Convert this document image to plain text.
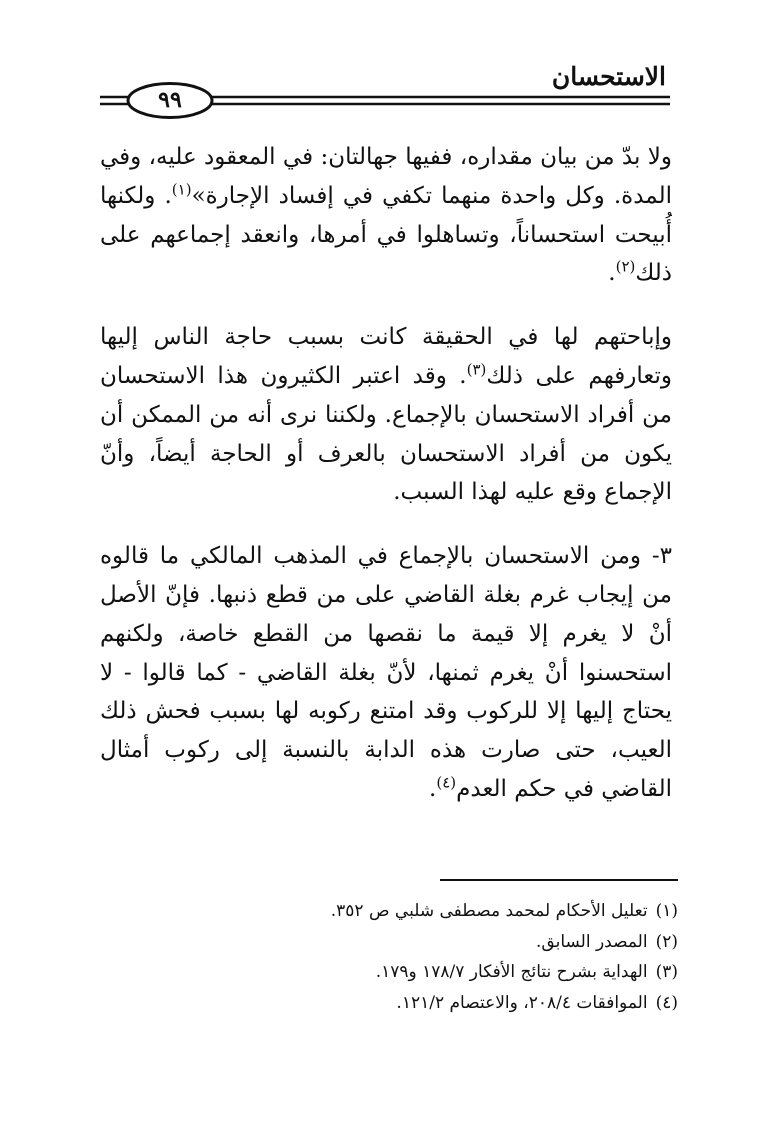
الاستحسان
٩٩

ولا بدّ من بيان مقداره، ففيها جهالتان: في المعقود عليه، وفي المدة. وكل واحدة منهما تكفي في إفساد الإجارة»$^{(١)}$. ولكنها أُبيحت استحساناً، وتساهلوا في أمرها، وانعقد إجماعهم على ذلك$^{(٢)}$.

وإباحتهم لها في الحقيقة كانت بسبب حاجة الناس إليها وتعارفهم على ذلك$^{(٣)}$. وقد اعتبر الكثيرون هذا الاستحسان من أفراد الاستحسان بالإجماع. ولكننا نرى أنه من الممكن أن يكون من أفراد الاستحسان بالعرف أو الحاجة أيضاً، وأنّ الإجماع وقع عليه لهذا السبب.

٣- ومن الاستحسان بالإجماع في المذهب المالكي ما قالوه من إيجاب غرم بغلة القاضي على من قطع ذنبها. فإنّ الأصل أنْ لا يغرم إلا قيمة ما نقصها من القطع خاصة، ولكنهم استحسنوا أنْ يغرم ثمنها، لأنّ بغلة القاضي - كما قالوا - لا يحتاج إليها إلا للركوب وقد امتنع ركوبه لها بسبب فحش ذلك العيب، حتى صارت هذه الدابة بالنسبة إلى ركوب أمثال القاضي في حكم العدم$^{(٤)}$.

(١)تعليل الأحكام لمحمد مصطفى شلبي ص ٣٥٢.

(٢)المصدر السابق.

(٣)الهداية بشرح نتائج الأفكار ١٧٨/٧ و١٧٩.

(٤)الموافقات ٢٠٨/٤، والاعتصام ١٢١/٢.
